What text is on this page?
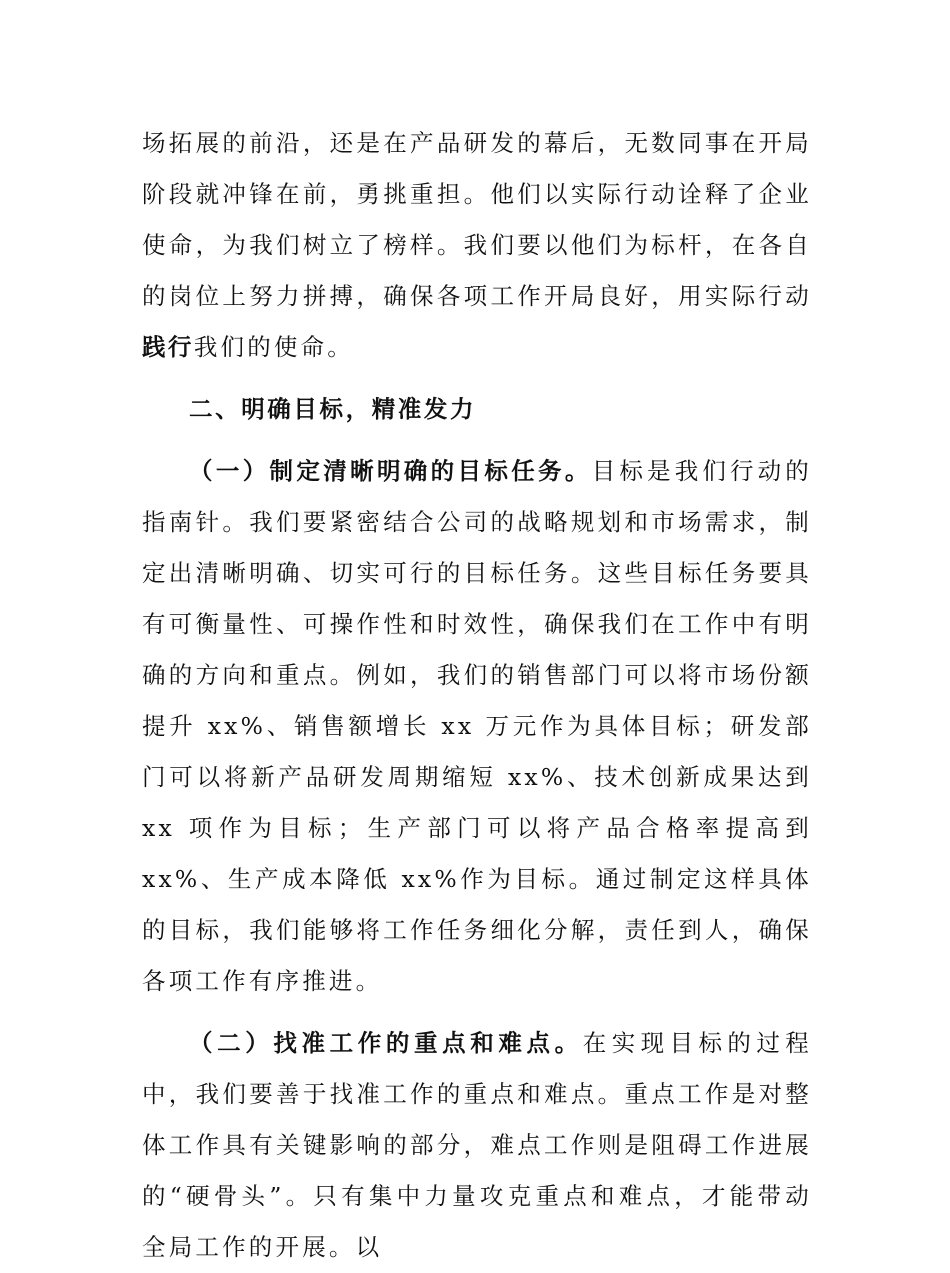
场拓展的前沿，还是在产品研发的幕后，无数同事在开局阶段就冲锋在前，勇挑重担。他们以实际行动诠释了企业使命，为我们树立了榜样。我们要以他们为标杆，在各自的岗位上努力拼搏，确保各项工作开局良好，用实际行动践行我们的使命。

二、明确目标，精准发力

（一）制定清晰明确的目标任务。目标是我们行动的指南针。我们要紧密结合公司的战略规划和市场需求，制定出清晰明确、切实可行的目标任务。这些目标任务要具有可衡量性、可操作性和时效性，确保我们在工作中有明确的方向和重点。例如，我们的销售部门可以将市场份额提升 xx%、销售额增长 xx 万元作为具体目标；研发部门可以将新产品研发周期缩短 xx%、技术创新成果达到 xx 项作为目标；生产部门可以将产品合格率提高到 xx%、生产成本降低 xx%作为目标。通过制定这样具体的目标，我们能够将工作任务细化分解，责任到人，确保各项工作有序推进。

（二）找准工作的重点和难点。在实现目标的过程中，我们要善于找准工作的重点和难点。重点工作是对整体工作具有关键影响的部分，难点工作则是阻碍工作进展的“硬骨头”。只有集中力量攻克重点和难点，才能带动全局工作的开展。以
